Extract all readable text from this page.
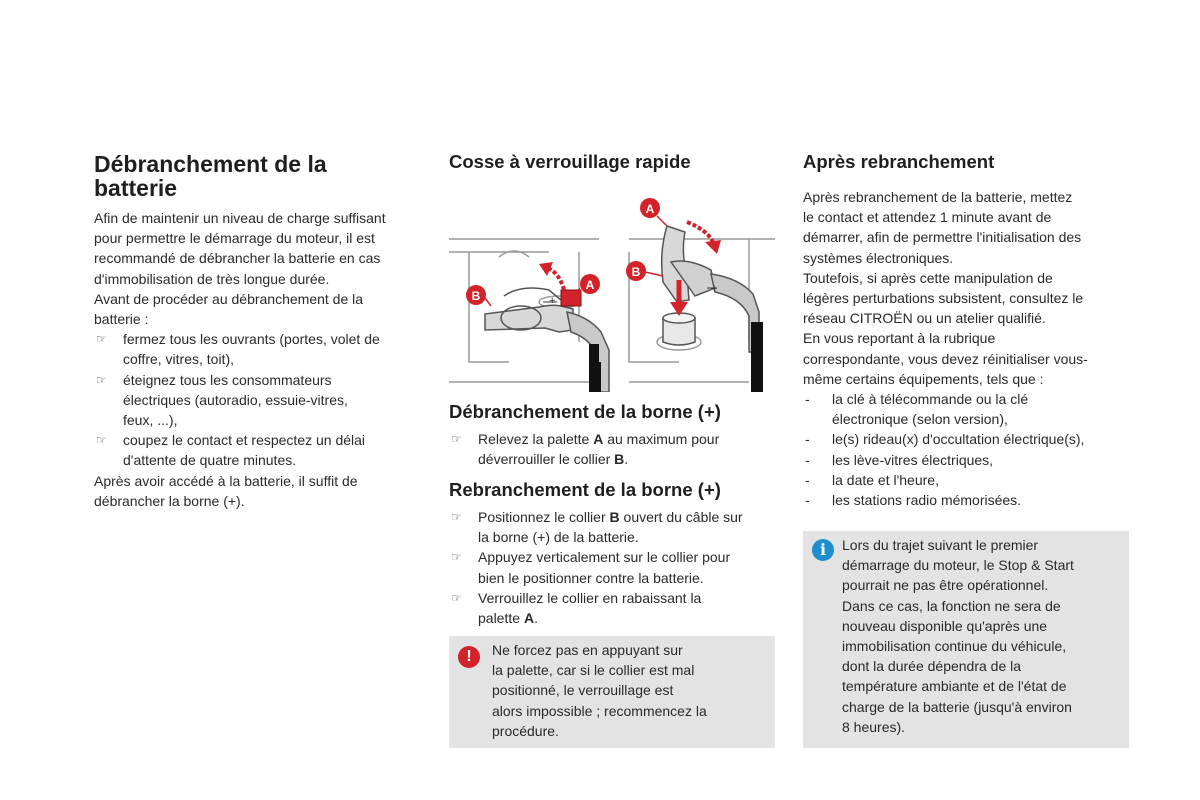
Débranchement de la
batterie

Afin de maintenir un niveau de charge suffisant

pour permettre le démarrage du moteur, il est

recommandé de débrancher la batterie en cas

d'immobilisation de très longue durée.

Avant de procéder au débranchement de la

batterie :

☞ fermez tous les ouvrants (portes, volet de
coffre, vitres, toit),
☞ éteignez tous les consommateurs
électriques (autoradio, essuie-vitres,
feux, ...),
☞ coupez le contact et respectez un délai
d'attente de quatre minutes.

Après avoir accédé à la batterie, il suffit de

débrancher la borne (+).

Cosse à verrouillage rapide
+
A
B	+
A
B
Débranchement de la borne (+)
☞ Relevez la palette A au maximum pour
déverrouiller le collier B.
Rebranchement de la borne (+)
☞ Positionnez le collier B ouvert du câble sur
la borne (+) de la batterie.
☞ Appuyez verticalement sur le collier pour
bien le positionner contre la batterie.
☞ Verrouillez le collier en rabaissant la
palette A.
!	Ne forcez pas en appuyant sur

la palette, car si le collier est mal

positionné, le verrouillage est

alors impossible ; recommencez la

procédure.

Après rebranchement

Après rebranchement de la batterie, mettez

le contact et attendez 1 minute avant de

démarrer, afin de permettre l'initialisation des

systèmes électroniques.

Toutefois, si après cette manipulation de

légères perturbations subsistent, consultez le

réseau CITROËN ou un atelier qualifié.

En vous reportant à la rubrique

correspondante, vous devez réinitialiser vous-

même certains équipements, tels que :

- la clé à télécommande ou la clé
électronique (selon version),
- le(s) rideau(x) d'occultation électrique(s),
- les lève-vitres électriques,
- la date et l'heure,
- les stations radio mémorisées.
i	Lors du trajet suivant le premier

démarrage du moteur, le Stop & Start

pourrait ne pas être opérationnel.

Dans ce cas, la fonction ne sera de

nouveau disponible qu'après une

immobilisation continue du véhicule,

dont la durée dépendra de la

température ambiante et de l'état de

charge de la batterie (jusqu'à environ

8 heures).
